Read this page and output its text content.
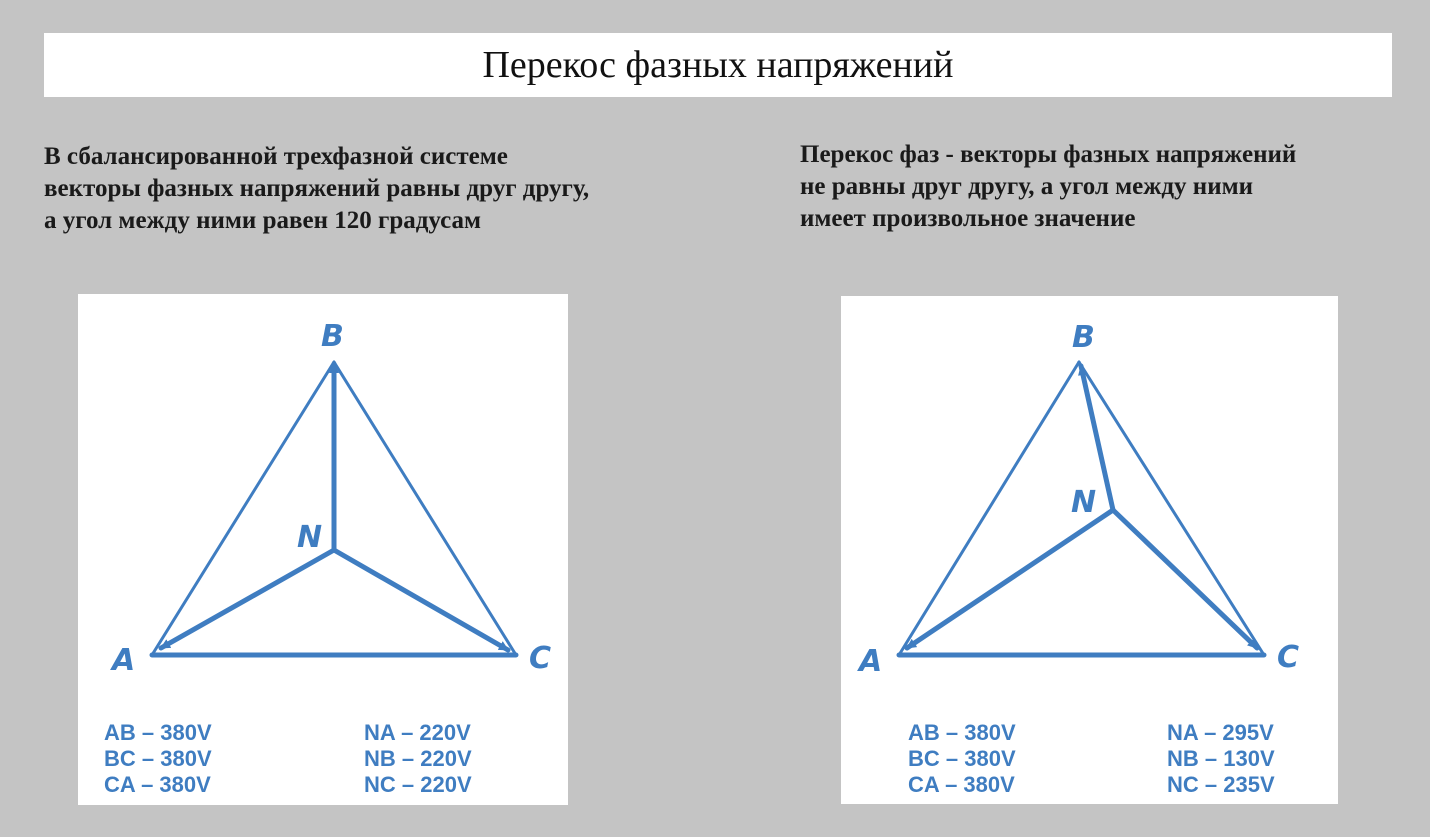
Перекос фазных напряжений
В сбалансированной трехфазной системе
векторы фазных напряжений равны друг другу,
а угол между ними равен 120 градусам
Перекос фаз - векторы фазных напряжений
не равны друг другу, а угол между ними
имеет произвольное значение
B
N
A	C
AB – 380V
BC – 380V
CA – 380V
NA – 220V
NB – 220V
NC – 220V
B
N
A	C
AB – 380V
BC – 380V
CA – 380V
NA – 295V
NB – 130V
NC – 235V
